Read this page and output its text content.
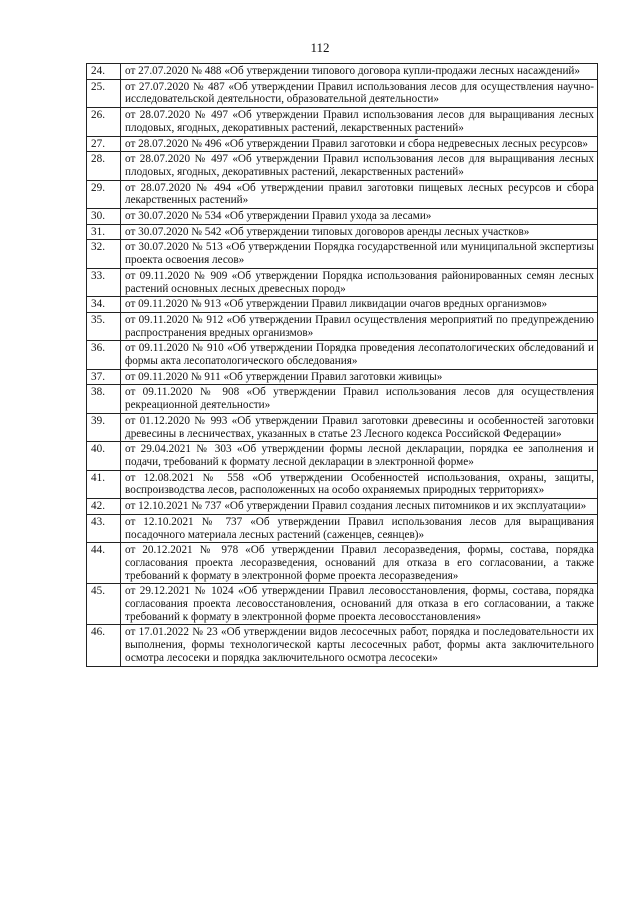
112
24.	от 27.07.2020 № 488 «Об утверждении типового договора купли-продажи лесных насаждений»
25.	от 27.07.2020 № 487 «Об утверждении Правил использования лесов для осуществления научно-исследовательской деятельности, образовательной деятельности»
26.	от 28.07.2020 № 497 «Об утверждении Правил использования лесов для выращивания лесных плодовых, ягодных, декоративных растений, лекарственных растений»
27.	от 28.07.2020 № 496 «Об утверждении Правил заготовки и сбора недревесных лесных ресурсов»
28.	от 28.07.2020 № 497 «Об утверждении Правил использования лесов для выращивания лесных плодовых, ягодных, декоративных растений, лекарственных растений»
29.	от 28.07.2020 № 494 «Об утверждении правил заготовки пищевых лесных ресурсов и сбора лекарственных растений»
30.	от 30.07.2020 № 534 «Об утверждении Правил ухода за лесами»
31.	от 30.07.2020 № 542 «Об утверждении типовых договоров аренды лесных участков»
32.	от 30.07.2020 № 513 «Об утверждении Порядка государственной или муниципальной экспертизы проекта освоения лесов»
33.	от 09.11.2020 № 909 «Об утверждении Порядка использования районированных семян лесных растений основных лесных древесных пород»
34.	от 09.11.2020 № 913 «Об утверждении Правил ликвидации очагов вредных организмов»
35.	от 09.11.2020 № 912 «Об утверждении Правил осуществления мероприятий по предупреждению распространения вредных организмов»
36.	от 09.11.2020 № 910 «Об утверждении Порядка проведения лесопатологических обследований и формы акта лесопатологического обследования»
37.	от 09.11.2020 № 911 «Об утверждении Правил заготовки живицы»
38.	от 09.11.2020 № 908 «Об утверждении Правил использования лесов для осуществления рекреационной деятельности»
39.	от 01.12.2020 № 993 «Об утверждении Правил заготовки древесины и особенностей заготовки древесины в лесничествах, указанных в статье 23 Лесного кодекса Российской Федерации»
40.	от 29.04.2021 № 303 «Об утверждении формы лесной декларации, порядка ее заполнения и подачи, требований к формату лесной декларации в электронной форме»
41.	от 12.08.2021 № 558 «Об утверждении Особенностей использования, охраны, защиты, воспроизводства лесов, расположенных на особо охраняемых природных территориях»
42.	от 12.10.2021 № 737 «Об утверждении Правил создания лесных питомников и их эксплуатации»
43.	от 12.10.2021 № 737 «Об утверждении Правил использования лесов для выращивания посадочного материала лесных растений (саженцев, сеянцев)»
44.	от 20.12.2021 № 978 «Об утверждении Правил лесоразведения, формы, состава, порядка согласования проекта лесоразведения, оснований для отказа в его согласовании, а также требований к формату в электронной форме проекта лесоразведения»
45.	от 29.12.2021 № 1024 «Об утверждении Правил лесовосстановления, формы, состава, порядка согласования проекта лесовосстановления, оснований для отказа в его согласовании, а также требований к формату в электронной форме проекта лесовосстановления»
46.	от 17.01.2022 № 23 «Об утверждении видов лесосечных работ, порядка и последовательности их выполнения, формы технологической карты лесосечных работ, формы акта заключительного осмотра лесосеки и порядка заключительного осмотра лесосеки»
